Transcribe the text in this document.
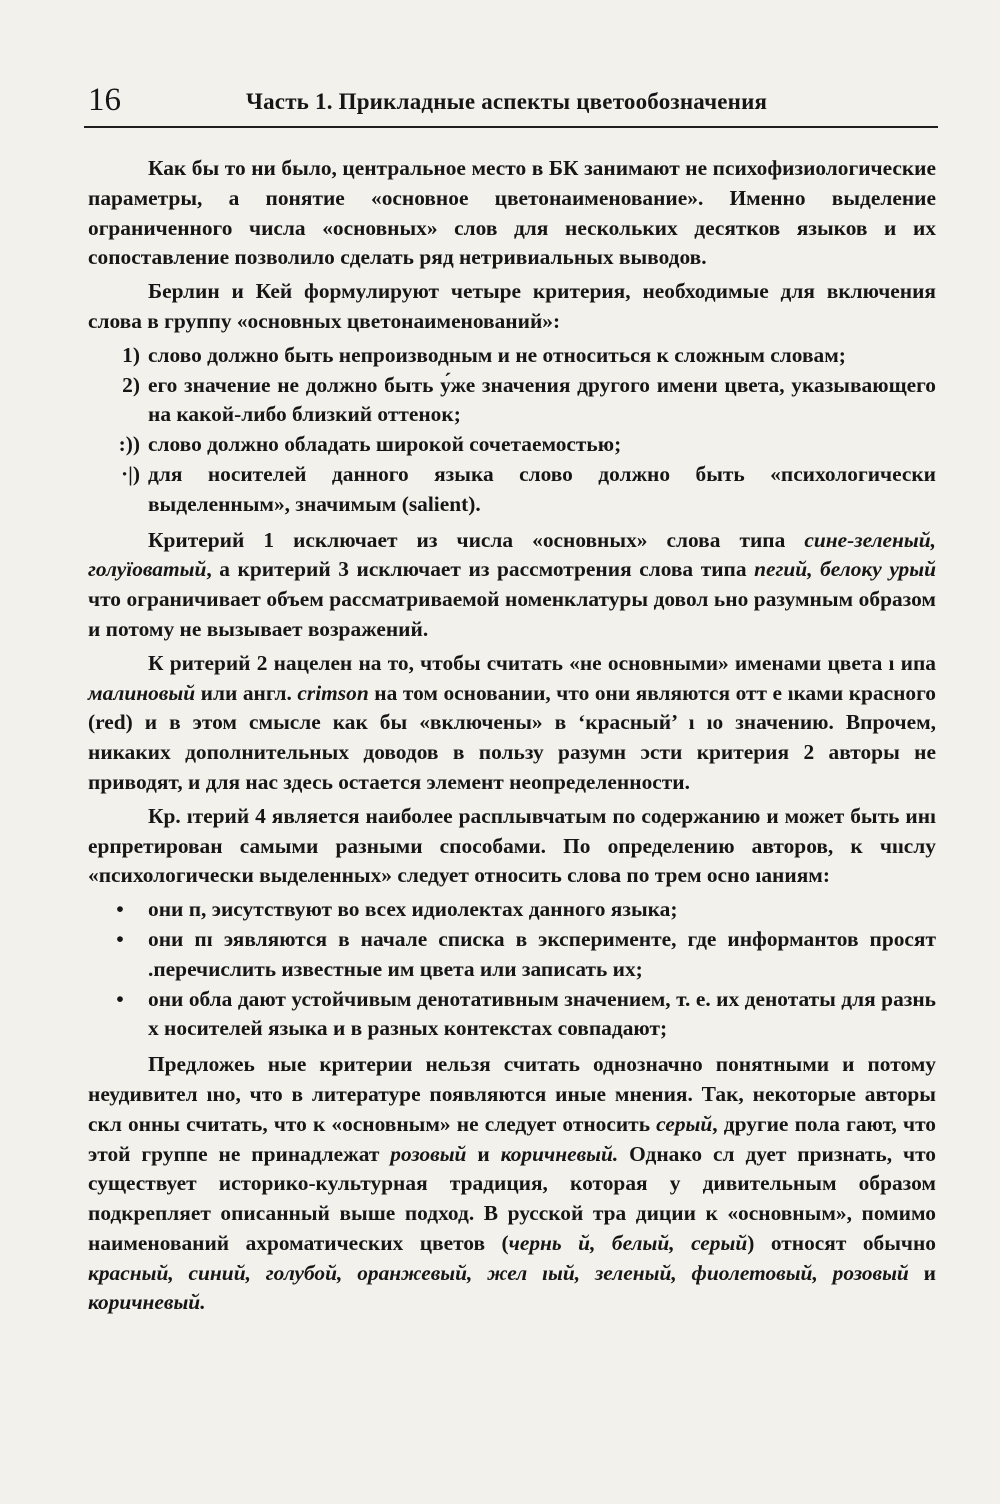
16	Часть 1. Прикладные аспекты цветообозначения

Как бы то ни было, центральное место в БК занимают не психофизиологические параметры, а понятие «основное цветонаименование». Именно выделение ограниченного числа «основных» слов для нескольких десятков языков и их сопоставление позволило сделать ряд нетривиальных выводов.

Берлин и Кей формулируют четыре критерия, необходимые для включения слова в группу «основных цветонаименований»:

1) слово должно быть непроизводным и не относиться к сложным словам;
2) его значение не должно быть у́же значения другого имени цвета, указывающего на какой-либо близкий оттенок;
:)) слово должно обладать широкой сочетаемостью;
·|) для носителей данного языка слово должно быть «психологически выделенным», значимым (salient).

Критерий 1 исключает из числа «основных» слова типа сине-зеленый, голуїоватый, а критерий 3 исключает из рассмотрения слова типа пегий, белоку урый что ограничивает объем рассматриваемой номенклатуры довол ьно разумным образом и потому не вызывает возражений.

К ритерий 2 нацелен на то, чтобы считать «не основными» именами цвета ı ипа малиновый или англ. crimson на том основании, что они являются отт е ıками красного (red) и в этом смысле как бы «включены» в ‘красный’ ı ıо значению. Впрочем, никаких дополнительных доводов в пользу разумн ɔсти критерия 2 авторы не приводят, и для нас здесь остается элемент неопределенности.

Кр. ıтерий 4 является наиболее расплывчатым по содержанию и может быть инı ерпретирован самыми разными способами. По определению авторов, к чııслу «психологически выделенных» следует относить слова по трем осно ıаниям:

• они п, эисутствуют во всех идиолектах данного языка;
• они пɪ эявляются в начале списка в эксперименте, где информантов просят .перечислить известные им цвета или записать их;
• они обла дают устойчивым денотативным значением, т. е. их денотаты для разнь х носителей языка и в разных контекстах совпадают;

Предложеь ные критерии нельзя считать однозначно понятными и потому неудивител ıно, что в литературе появляются иные мнения. Так, некоторые авторы скл онны считать, что к «основным» не следует относить серый, другие пола гают, что этой группе не принадлежат розовый и коричневый. Однако сл дует признать, что существует историко-культурная традиция, которая у дивительным образом подкрепляет описанный выше подход. В русской тра диции к «основным», помимо наименований ахроматических цветов (чернь й, белый, серый) относят обычно красный, синий, голубой, оранжевый, жел ıый, зеленый, фиолетовый, розовый и коричневый.
